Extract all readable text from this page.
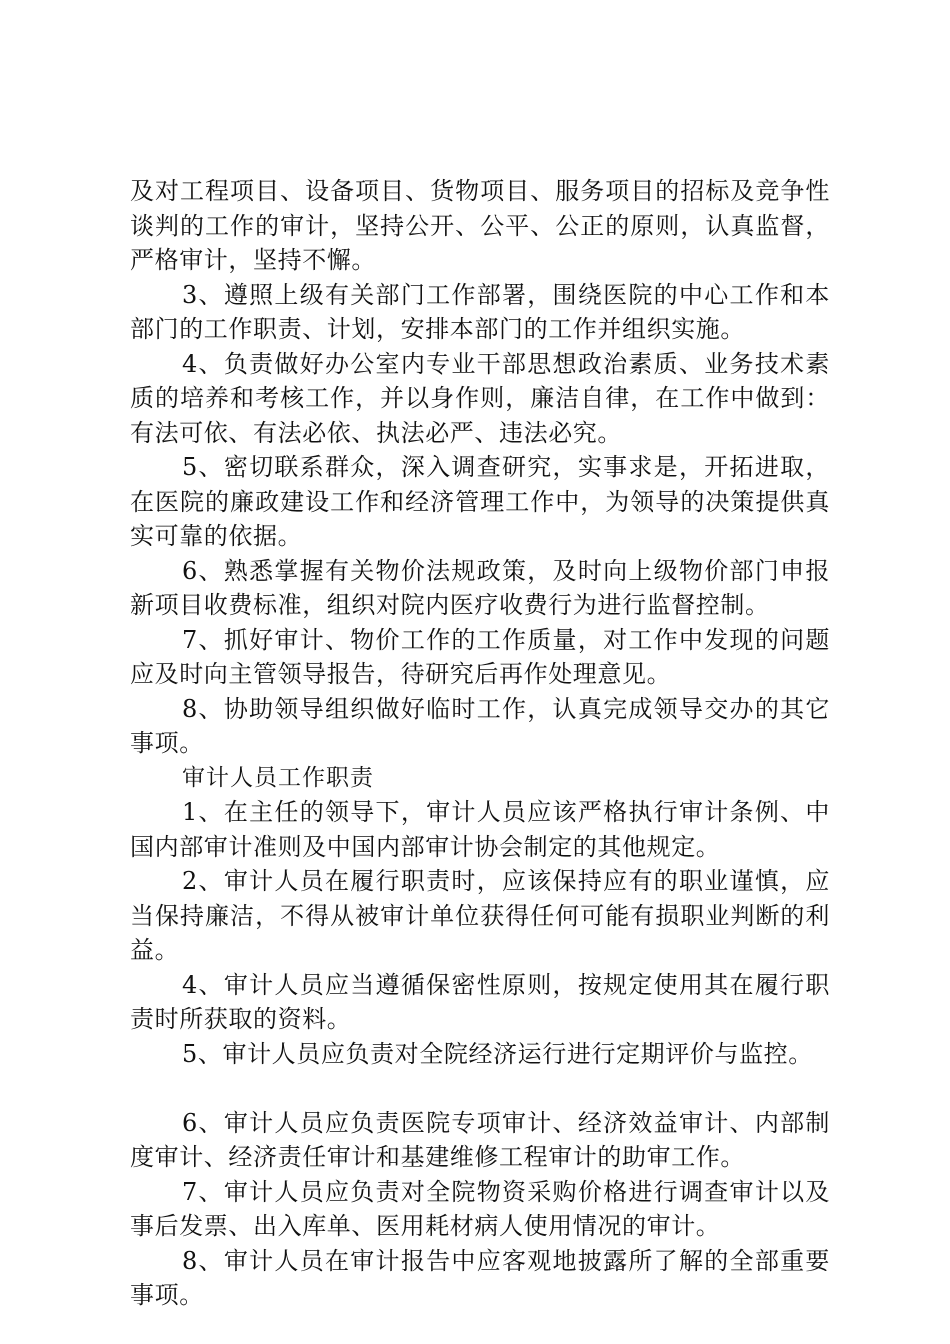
及对工程项目、设备项目、货物项目、服务项目的招标及竞争性谈判的工作的审计，坚持公开、公平、公正的原则，认真监督，严格审计，坚持不懈。

3、遵照上级有关部门工作部署，围绕医院的中心工作和本部门的工作职责、计划，安排本部门的工作并组织实施。

4、负责做好办公室内专业干部思想政治素质、业务技术素质的培养和考核工作，并以身作则，廉洁自律，在工作中做到：有法可依、有法必依、执法必严、违法必究。

5、密切联系群众，深入调查研究，实事求是，开拓进取，在医院的廉政建设工作和经济管理工作中，为领导的决策提供真实可靠的依据。

6、熟悉掌握有关物价法规政策，及时向上级物价部门申报新项目收费标准，组织对院内医疗收费行为进行监督控制。

7、抓好审计、物价工作的工作质量，对工作中发现的问题应及时向主管领导报告，待研究后再作处理意见。

8、协助领导组织做好临时工作，认真完成领导交办的其它事项。

审计人员工作职责

1、在主任的领导下，审计人员应该严格执行审计条例、中国内部审计准则及中国内部审计协会制定的其他规定。

2、审计人员在履行职责时，应该保持应有的职业谨慎，应当保持廉洁，不得从被审计单位获得任何可能有损职业判断的利益。

4、审计人员应当遵循保密性原则，按规定使用其在履行职责时所获取的资料。

5、审计人员应负责对全院经济运行进行定期评价与监控。

6、审计人员应负责医院专项审计、经济效益审计、内部制度审计、经济责任审计和基建维修工程审计的助审工作。

7、审计人员应负责对全院物资采购价格进行调查审计以及事后发票、出入库单、医用耗材病人使用情况的审计。

8、审计人员在审计报告中应客观地披露所了解的全部重要事项。
